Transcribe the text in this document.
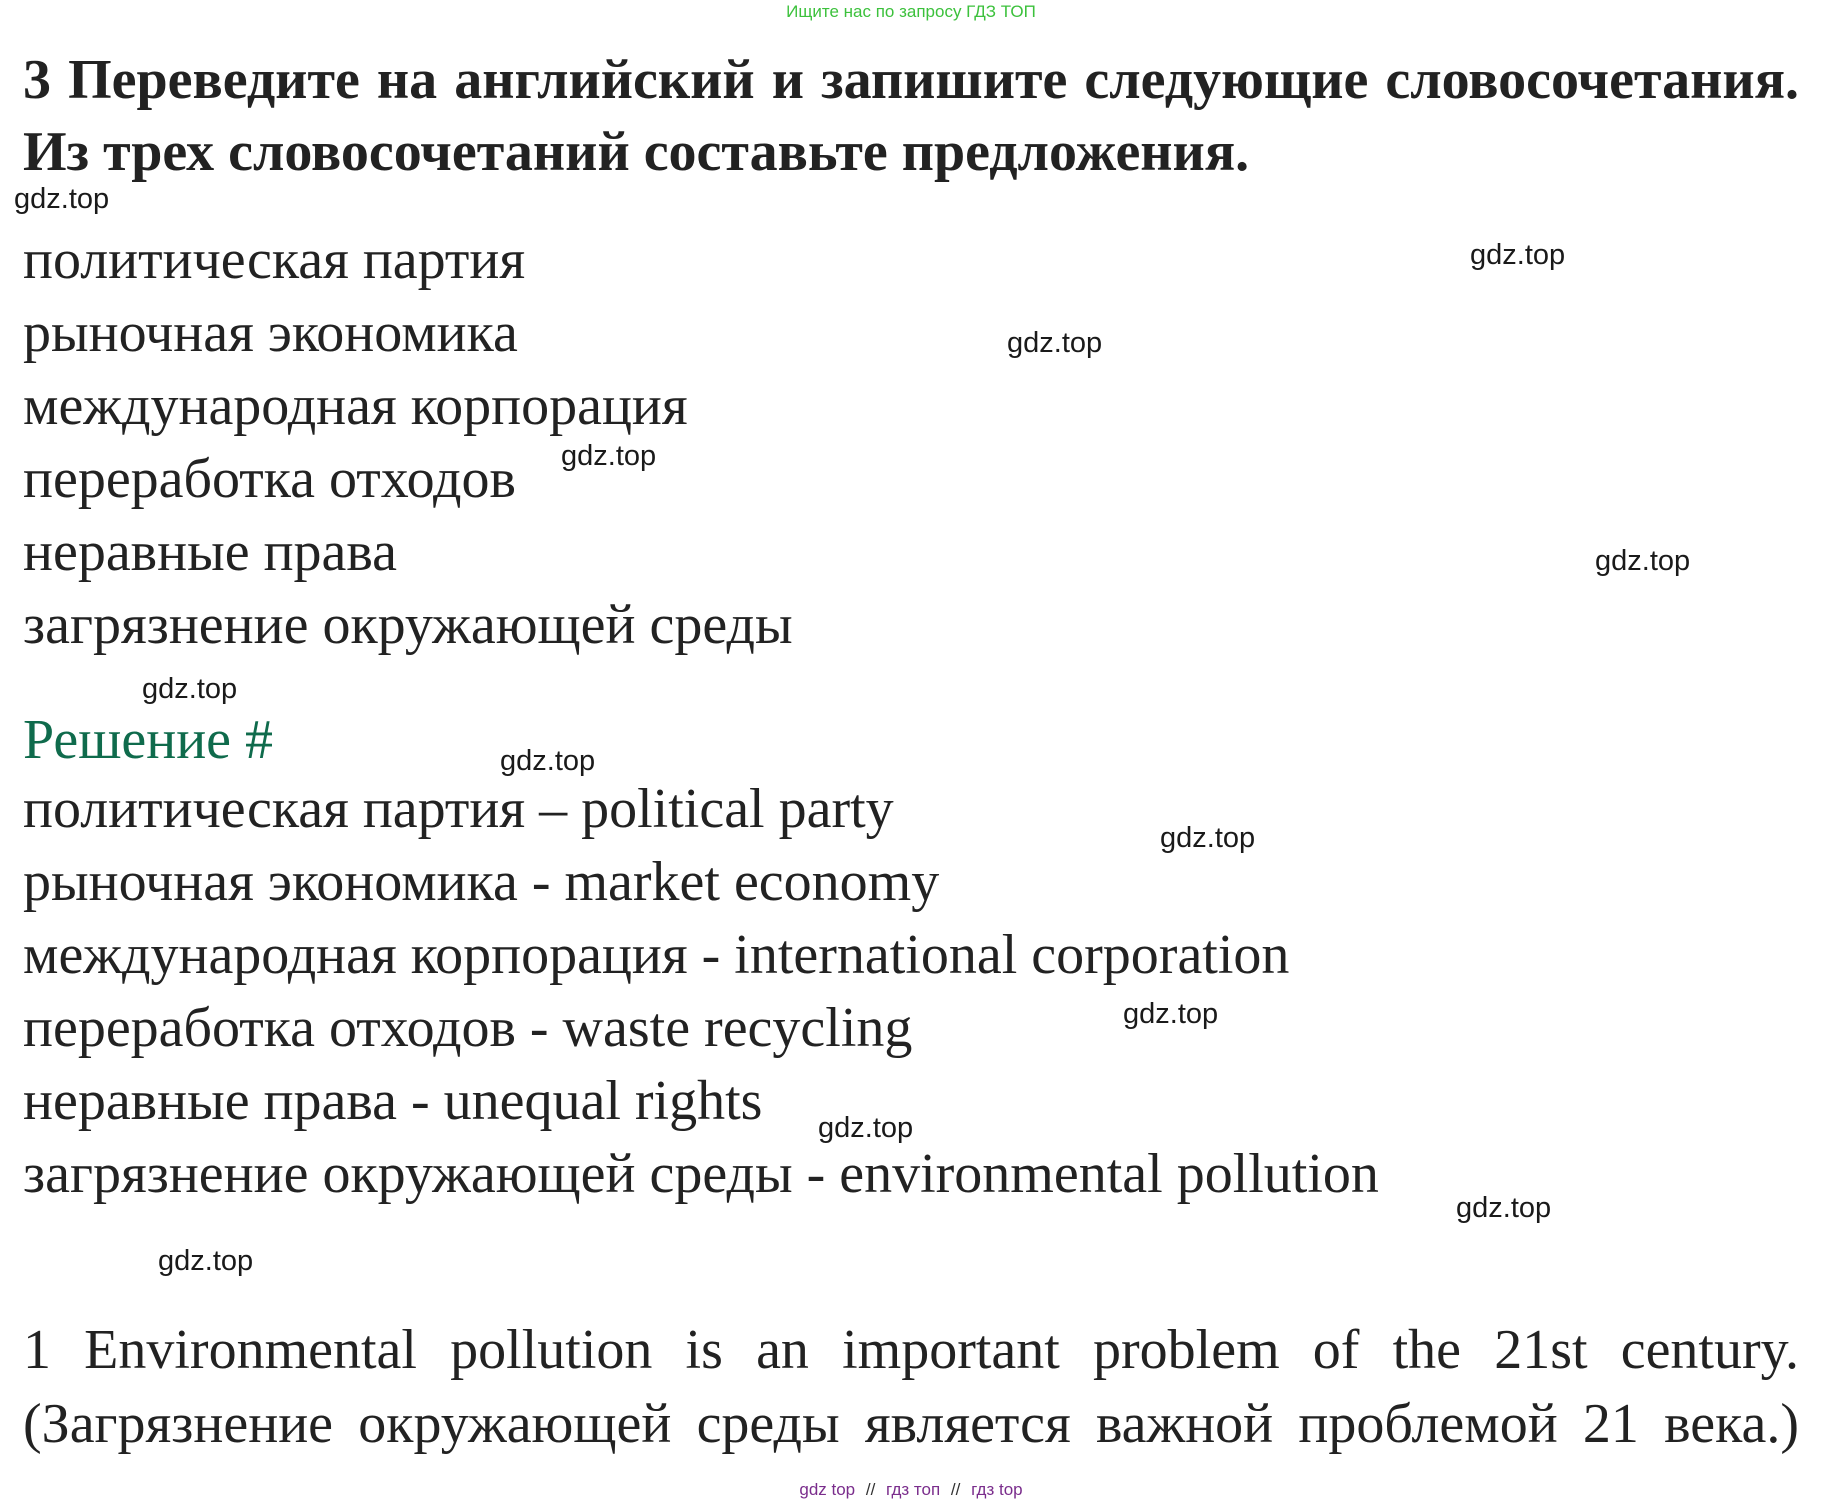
Ищите нас по запросу ГДЗ ТОП
3 Переведите на английский и запишите следующие словосочетания. Из трех словосочетаний составьте предложения.
политическая партия
рыночная экономика
международная корпорация
переработка отходов
неравные права
загрязнение окружающей среды
Решение #
политическая партия – political party
рыночная экономика - market economy
международная корпорация - international corporation
переработка отходов - waste recycling
неравные права - unequal rights
загрязнение окружающей среды - environmental pollution
1 Environmental pollution is an important problem of the 21st century.
(Загрязнение окружающей среды является важной проблемой 21 века.)
gdz.top
gdz.top
gdz.top
gdz.top
gdz.top
gdz.top
gdz.top
gdz.top
gdz.top
gdz.top
gdz.top
gdz.top
gdz top // гдз топ // гдз top
